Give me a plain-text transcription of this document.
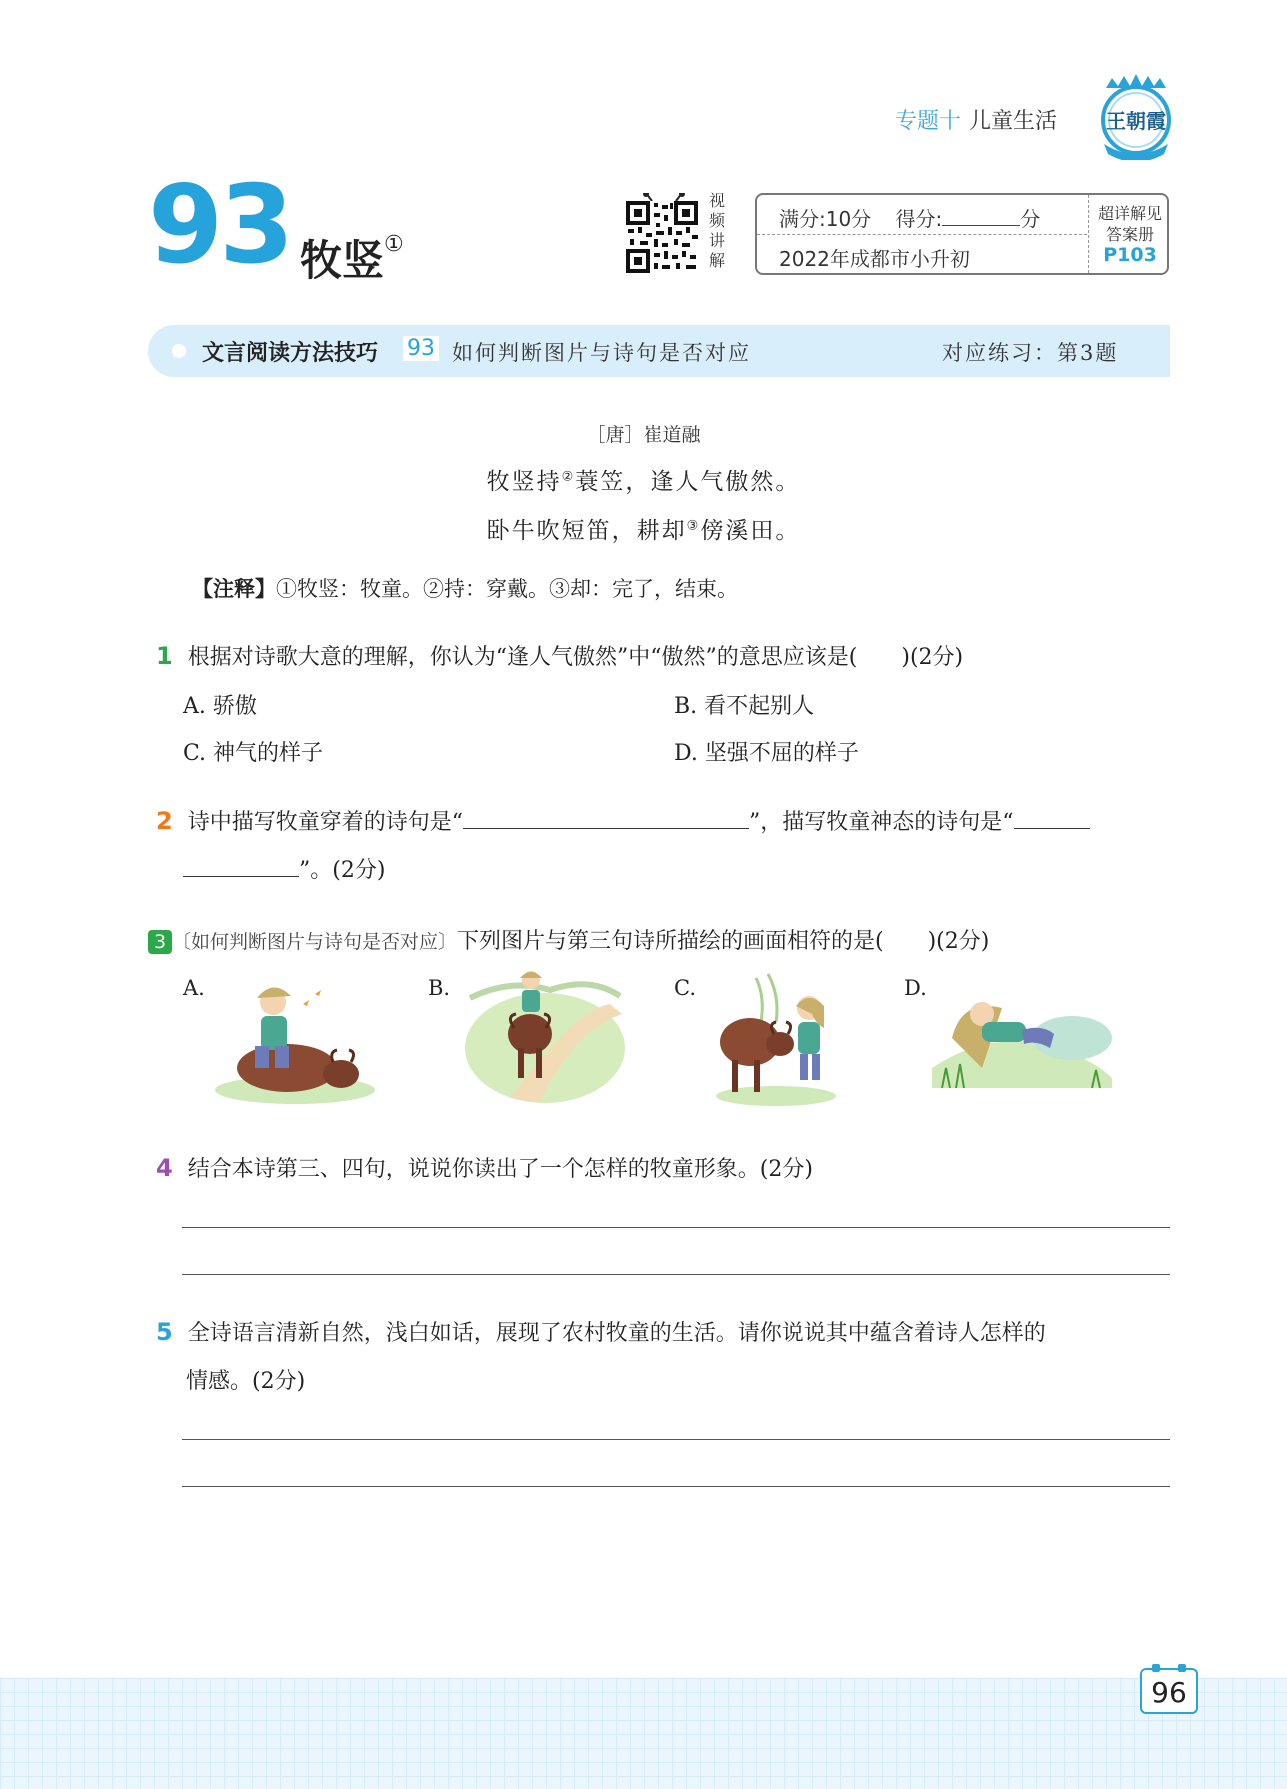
专题十 儿童生活 王朝霞
93 牧竖①
视
频
讲
解
满分:10分 得分:	分
2022年成都市小升初
超详解见
答案册
P103
文言阅读方法技巧 93 如何判断图片与诗句是否对应	对应练习：第3题
［唐］崔道融
牧竖持②蓑笠，逢人气傲然。
卧牛吹短笛，耕却③傍溪田。
【注释】①牧竖：牧童。②持：穿戴。③却：完了，结束。
1 根据对诗歌大意的理解，你认为“逢人气傲然”中“傲然”的意思应该是(　　)(2分)
A. 骄傲	B. 看不起别人
C. 神气的样子	D. 坚强不屈的样子
2 诗中描写牧童穿着的诗句是“	”，描写牧童神态的诗句是“
”。(2分)
3 〔如何判断图片与诗句是否对应〕下列图片与第三句诗所描绘的画面相符的是(　　)(2分)
A.	B.	C.	D.
4 结合本诗第三、四句，说说你读出了一个怎样的牧童形象。(2分)
5 全诗语言清新自然，浅白如话，展现了农村牧童的生活。请你说说其中蕴含着诗人怎样的
情感。(2分)
96
